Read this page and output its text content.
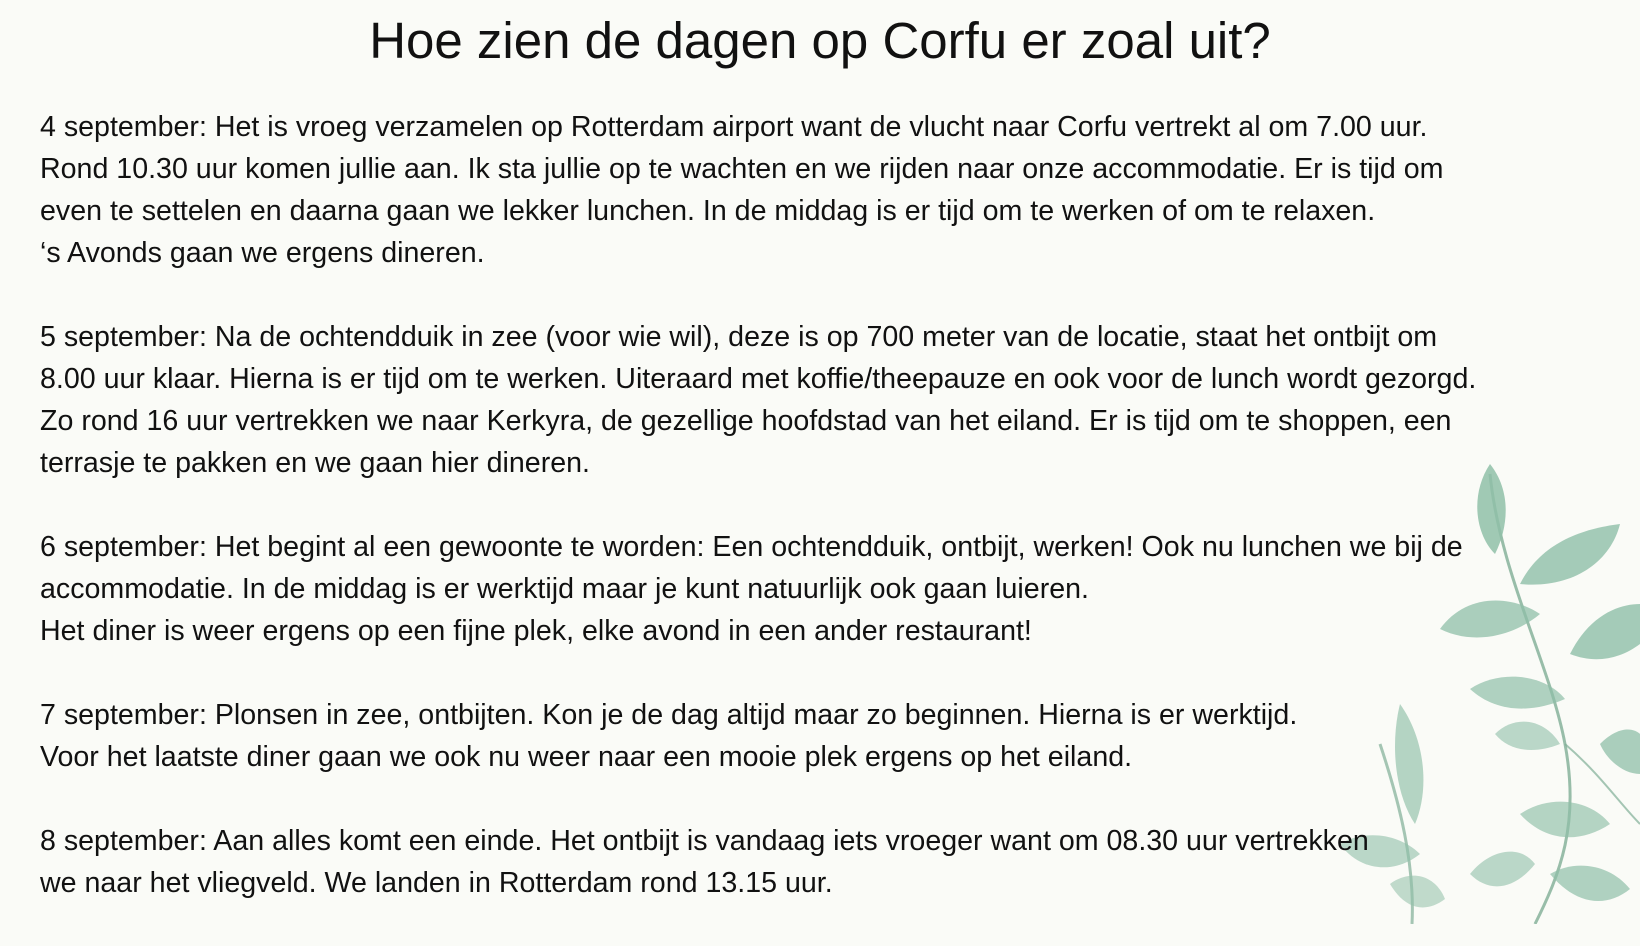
Hoe zien de dagen op Corfu er zoal uit?
4 september: Het is vroeg verzamelen op Rotterdam airport want de vlucht naar Corfu vertrekt al om 7.00 uur.
Rond 10.30 uur komen jullie aan. Ik sta jullie op te wachten en we rijden naar onze accommodatie. Er is tijd om
even te settelen en daarna gaan we lekker lunchen. In de middag is er tijd om te werken of om te relaxen.
‘s Avonds gaan we ergens dineren.
5 september: Na de ochtendduik in zee (voor wie wil), deze is op 700 meter van de locatie, staat het ontbijt om
8.00 uur klaar. Hierna is er tijd om te werken. Uiteraard met koffie/theepauze en ook voor de lunch wordt gezorgd.
Zo rond 16 uur vertrekken we naar Kerkyra, de gezellige hoofdstad van het eiland. Er is tijd om te shoppen, een
terrasje te pakken en we gaan hier dineren.
6 september: Het begint al een gewoonte te worden: Een ochtendduik, ontbijt, werken! Ook nu lunchen we bij de
accommodatie. In de middag is er werktijd maar je kunt natuurlijk ook gaan luieren.
Het diner is weer ergens op een fijne plek, elke avond in een ander restaurant!
7 september: Plonsen in zee, ontbijten. Kon je de dag altijd maar zo beginnen. Hierna is er werktijd.
Voor het laatste diner gaan we ook nu weer naar een mooie plek ergens op het eiland.
8 september: Aan alles komt een einde. Het ontbijt is vandaag iets vroeger want om 08.30 uur vertrekken
we naar het vliegveld. We landen in Rotterdam rond 13.15 uur.
